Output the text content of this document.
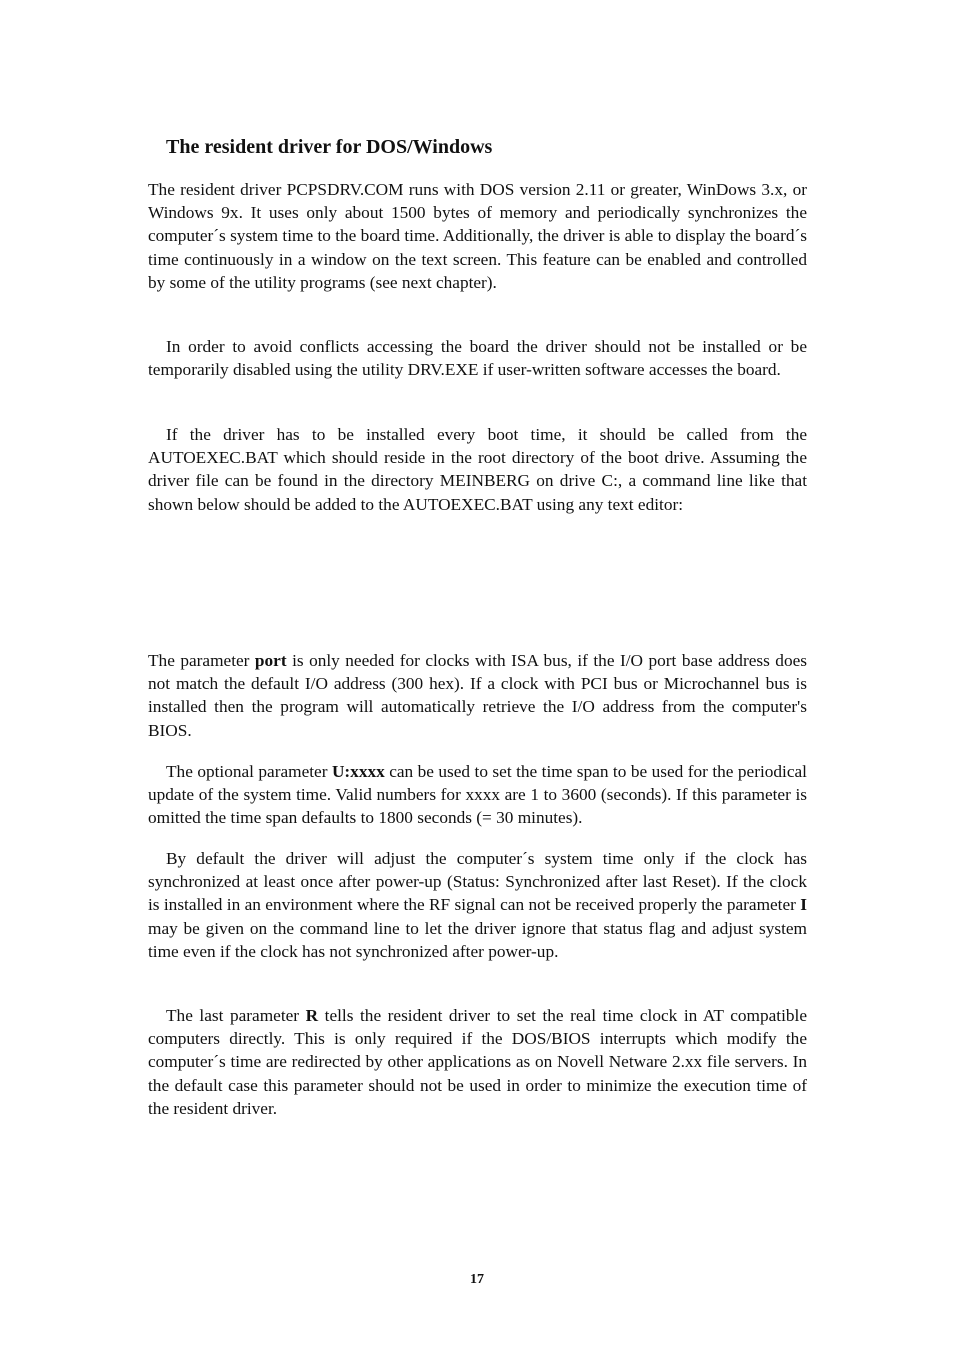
The resident driver for DOS/Windows

The resident driver PCPSDRV.COM runs with DOS version 2.11 or greater, WinDows 3.x, or Windows 9x. It uses only about 1500 bytes of memory and periodically synchronizes the computer´s system time to the board time. Additionally, the driver is able to display the board´s time continuously in a window on the text screen. This feature can be enabled and controlled by some of the utility programs (see next chapter).

In order to avoid conflicts accessing the board the driver should not be installed or be temporarily disabled using the utility DRV.EXE if user-written software accesses the board.

If the driver has to be installed every boot time, it should be called from the AUTOEXEC.BAT which should reside in the root directory of the boot drive. Assuming the driver file can be found in the directory MEINBERG on drive C:, a command line like that shown below should be added to the AUTOEXEC.BAT using any text editor:

The parameter port is only needed for clocks with ISA bus, if the I/O port base address does not match the default I/O address (300 hex). If a clock with PCI bus or Microchannel bus is installed then the program will automatically retrieve the I/O address from the computer's BIOS.

The optional parameter U:xxxx can be used to set the time span to be used for the periodical update of the system time. Valid numbers for xxxx are 1 to 3600 (seconds). If this parameter is omitted the time span defaults to 1800 seconds (= 30 minutes).

By default the driver will adjust the computer´s system time only if the clock has synchronized at least once after power-up (Status: Synchronized after last Reset). If the clock is installed in an environment where the RF signal can not be received properly the parameter I may be given on the command line to let the driver ignore that status flag and adjust system time even if the clock has not synchronized after power-up.

The last parameter R tells the resident driver to set the real time clock in AT compatible computers directly. This is only required if the DOS/BIOS interrupts which modify the computer´s time are redirected by other applications as on Novell Netware 2.xx file servers. In the default case this parameter should not be used in order to minimize the execution time of the resident driver.

17
